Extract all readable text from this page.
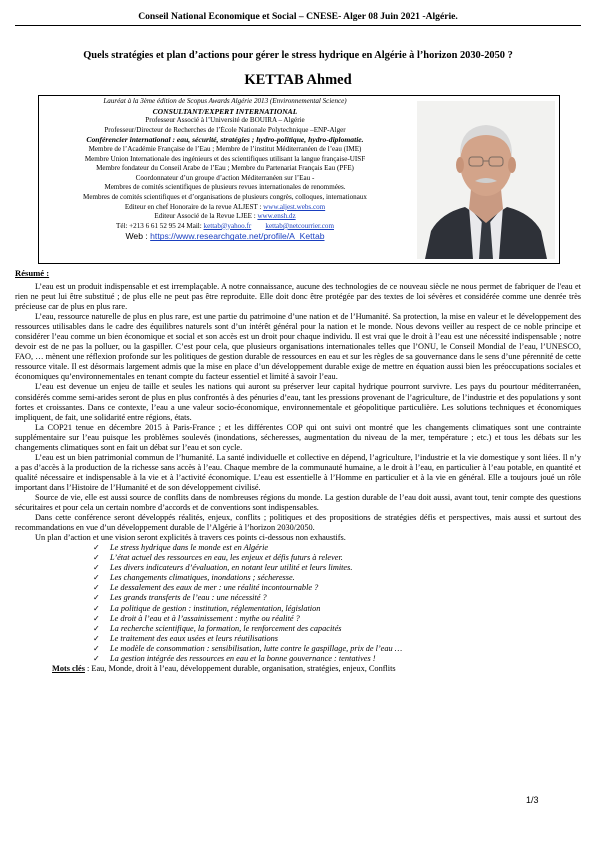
Conseil National Economique et Social – CNESE- Alger 08 Juin 2021 -Algérie.
Quels stratégies et plan d’actions pour gérer le stress hydrique en Algérie à l’horizon 2030-2050 ?
KETTAB Ahmed
Lauréat à la 3ème édition de Scopus Awards Algérie 2013 (Environnemental Science)
CONSULTANT/EXPERT INTERNATIONAL
Professeur Associé à l’Université de BOUIRA – Algérie
Professeur/Directeur de Recherches de l’École Nationale Polytechnique –ENP-Alger
Conférencier international : eau, sécurité, stratégies ; hydro-politique, hydro-diplomatie.
Membre de l’Académie Française de l’Eau ; Membre de l’institut Méditerranéen de l’eau (IME)
Membre Union Internationale des ingénieurs et des scientifiques utilisant la langue française-UISF
Membre fondateur du Conseil Arabe de l’Eau ; Membre du Partenariat Français Eau (PFE)
Coordonnateur d’un groupe d’action Méditerranéen sur l’Eau -
Membres de comités scientifiques de plusieurs revues internationales de renommées.
Membres de comités scientifiques et d’organisations de plusieurs congrès, colloques, internationaux
Editeur en chef Honoraire de la revue ALJEST : www.aljest.webs.com
Editeur Associé de la Revue LJEE : www.ensh.dz
Tél: +213 6 61 52 95 24 Mail: kettab@yahoo.fr kettab@netcourrier.com
Web : https://www.researchgate.net/profile/A_Kettab
Résumé :

L’eau est un produit indispensable et est irremplaçable. A notre connaissance, aucune des technologies de ce nouveau siècle ne nous permet de fabriquer de l'eau et rien ne peut lui être substitué ; de plus elle ne peut pas être reproduite. Elle doit donc être protégée par des textes de loi sévères et considérée comme une denrée très précieuse car de plus en plus rare.

L’eau, ressource naturelle de plus en plus rare, est une partie du patrimoine d’une nation et de l’Humanité. Sa protection, la mise en valeur et le développement des ressources utilisables dans le cadre des équilibres naturels sont d’un intérêt général pour la nation et le monde. Nous devons veiller au respect de ce noble principe et considérer l’eau comme un bien économique et social et son accès est un droit pour chaque individu. Il est vrai que le droit à l’eau est une nécessité indispensable ; notre devoir est de ne pas la polluer, ou la gaspiller. C’est pour cela, que plusieurs organisations internationales telles que l’ONU, le Conseil Mondial de l’eau, l’UNESCO, FAO, … mènent une réflexion profonde sur les politiques de gestion durable de ressources en eau et sur les règles de sa gouvernance dans le sens d’une pérennité de cette ressource vitale. Il est désormais largement admis que la mise en place d’un développement durable exige de mettre en équation aussi bien les préoccupations sociales et économiques qu’environnementales en tenant compte du facteur essentiel et limité à savoir l’eau.

L’eau est devenue un enjeu de taille et seules les nations qui auront su préserver leur capital hydrique pourront survivre. Les pays du pourtour méditerranéen, considérés comme semi-arides seront de plus en plus confrontés à des pénuries d’eau, tant les pressions provenant de l’agriculture, de l’industrie et des populations y sont fortes et croissantes. Dans ce contexte, l’eau a une valeur socio-économique, environnementale et géopolitique particulière. Les solutions techniques et économiques impliquent, de fait, une solidarité entre régions, états.

La COP21 tenue en décembre 2015 à Paris-France ; et les différentes COP qui ont suivi ont montré que les changements climatiques sont une contrainte supplémentaire sur l’eau puisque les problèmes soulevés (inondations, sécheresses, augmentation du niveau de la mer, température ; etc.) et tous les débats sur les changements climatiques sont en fait un débat sur l’eau et son cycle.

L’eau est un bien patrimonial commun de l’humanité. La santé individuelle et collective en dépend, l’agriculture, l’industrie et la vie domestique y sont liées. Il n’y a pas d’accès à la production de la richesse sans accès à l’eau. Chaque membre de la communauté humaine, a le droit à l’eau, en particulier à l’eau potable, en quantité et qualité nécessaire et indispensable à la vie et à l’activité économique. L’eau est essentielle à l’Homme en particulier et à la vie en général. Elle a toujours joué un rôle important dans l’Histoire de l’Humanité et de son développement civilisé.

Source de vie, elle est aussi source de conflits dans de nombreuses régions du monde. La gestion durable de l’eau doit aussi, avant tout, tenir compte des questions sécuritaires et pour cela un certain nombre d’accords et de conventions sont indispensables.

Dans cette conférence seront développés réalités, enjeux, conflits ; politiques et des propositions de stratégies défis et perspectives, mais aussi et surtout des recommandations en vue d’un développement durable de l’Algérie à l’horizon 2030/2050.

Un plan d’action et une vision seront explicités à travers ces points ci-dessous non exhaustifs.

✓ Le stress hydrique dans le monde est en Algérie
✓ L’état actuel des ressources en eau, les enjeux et défis futurs à relever.
✓ Les divers indicateurs d’évaluation, en notant leur utilité et leurs limites.
✓ Les changements climatiques, inondations ; sécheresse.
✓ Le dessalement des eaux de mer : une réalité incontournable ?
✓ Les grands transferts de l’eau : une nécessité ?
✓ La politique de gestion : institution, réglementation, législation
✓ Le droit à l’eau et à l’assainissement : mythe ou réalité ?
✓ La recherche scientifique, la formation, le renforcement des capacités
✓ Le traitement des eaux usées et leurs réutilisations
✓ Le modèle de consommation : sensibilisation, lutte contre le gaspillage, prix de l’eau …
✓ La gestion intégrée des ressources en eau et la bonne gouvernance : tentatives !
Mots clés : Eau, Monde, droit à l’eau, développement durable, organisation, stratégies, enjeux, Conflits
1/3
